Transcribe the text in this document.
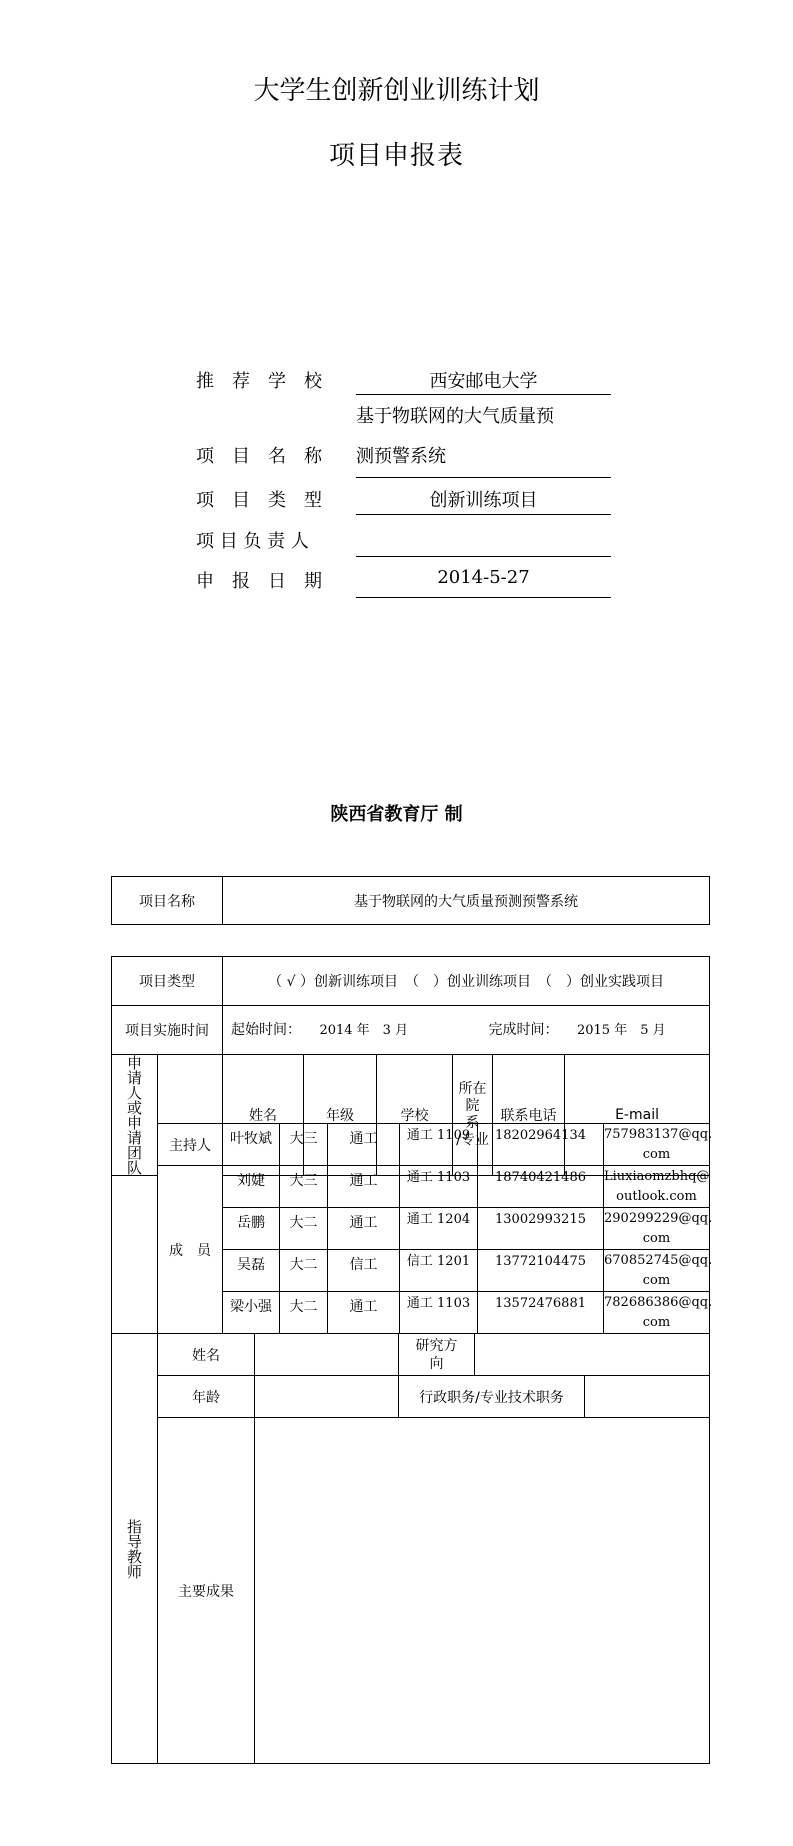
大学生创新创业训练计划
项目申报表
推　荐　学　校	西安邮电大学
基于物联网的大气质量预
项　目　名　称 测预警系统
项　目　类　型	创新训练项目
项 目 负 责 人
申　报　日　期	2014-5-27
陕西省教育厅 制
项目名称	基于物联网的大气质量预测预警系统
项目类型		（ √ ）创新训练项目　（　）创业训练项目　（　）创业实践项目					
项目实施时间		起始时间： 2014 年　3 月 完成时间： 2015 年　5 月					

申请人或申请团队		姓名	年级	学校	所在院
系
/专业	联系电话	E-mail
	主持人	叶牧斌	大三	通工	通工 1109	18202964134	757983137@qq.
com

	成　员	刘婕	大三	通工	通工 1103	18740421486	Liuxiaomzbhq@
outlook.com

		岳鹏	大二	通工	通工 1204	13002993215	290299229@qq.
com

		吴磊	大二	信工	信工 1201	13772104475	670852745@qq.
com

		梁小强	大二	通工	通工 1103	13572476881	782686386@qq.
com
指导教师	姓名		研究方
向		

	年龄		行政职务/专业技术职务		
	主要成果				
